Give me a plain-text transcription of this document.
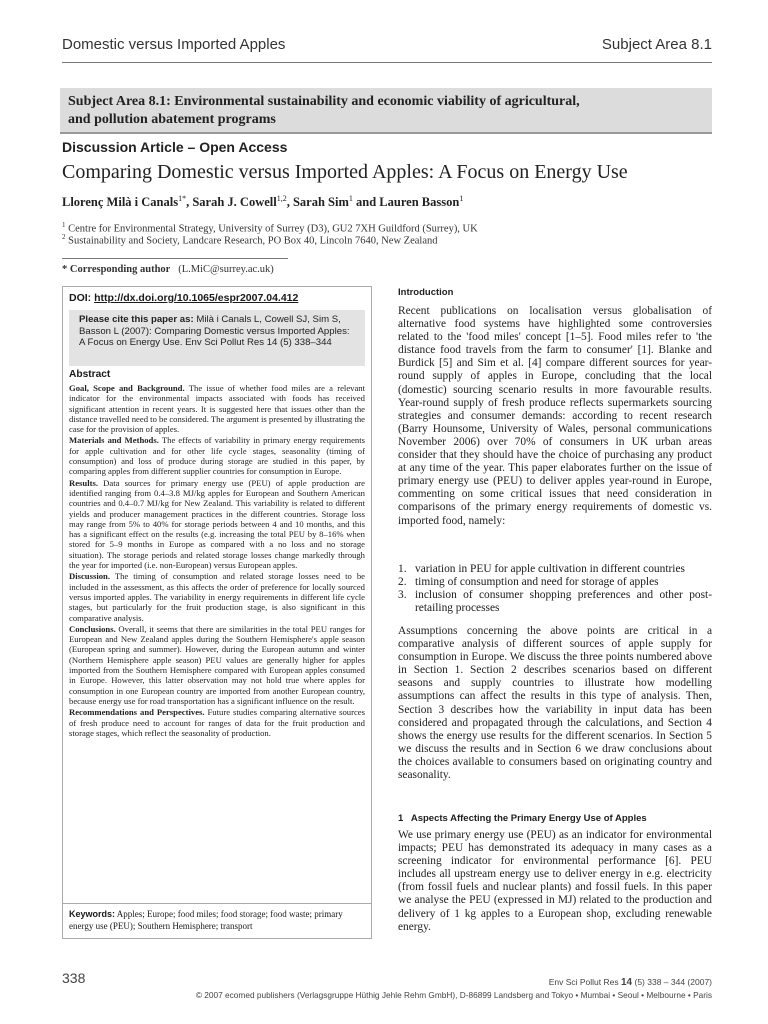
Domestic versus Imported Apples	Subject Area 8.1
Subject Area 8.1: Environmental sustainability and economic viability of agricultural,
and pollution abatement programs
Discussion Article – Open Access
Comparing Domestic versus Imported Apples: A Focus on Energy Use
Llorenç Milà i Canals$^{1*}$, Sarah J. Cowell$^{1,2}$, Sarah Sim$^1$ and Lauren Basson$^1$
$^1$ Centre for Environmental Strategy, University of Surrey (D3), GU2 7XH Guildford (Surrey), UK
$^2$ Sustainability and Society, Landcare Research, PO Box 40, Lincoln 7640, New Zealand
* Corresponding author (L.MiC@surrey.ac.uk)
DOI: http://dx.doi.org/10.1065/espr2007.04.412
Please cite this paper as: Milà i Canals L, Cowell SJ, Sim S, Basson L (2007): Comparing Domestic versus Imported Apples: A Focus on Energy Use. Env Sci Pollut Res 14 (5) 338–344
Abstract

Goal, Scope and Background. The issue of whether food miles are a relevant indicator for the environmental impacts associated with foods has received significant attention in recent years. It is suggested here that issues other than the distance travelled need to be considered. The argument is presented by illustrating the case for the provision of apples.

Materials and Methods. The effects of variability in primary energy requirements for apple cultivation and for other life cycle stages, seasonality (timing of consumption) and loss of produce during storage are studied in this paper, by comparing apples from different supplier countries for consumption in Europe.

Results. Data sources for primary energy use (PEU) of apple production are identified ranging from 0.4–3.8 MJ/kg apples for European and Southern American countries and 0.4–0.7 MJ/kg for New Zealand. This variability is related to different yields and producer management practices in the different countries. Storage loss may range from 5% to 40% for storage periods between 4 and 10 months, and this has a significant effect on the results (e.g. increasing the total PEU by 8–16% when stored for 5–9 months in Europe as compared with a no loss and no storage situation). The storage periods and related storage losses change markedly through the year for imported (i.e. non-European) versus European apples.

Discussion. The timing of consumption and related storage losses need to be included in the assessment, as this affects the order of preference for locally sourced versus imported apples. The variability in energy requirements in different life cycle stages, but particularly for the fruit production stage, is also significant in this comparative analysis.

Conclusions. Overall, it seems that there are similarities in the total PEU ranges for European and New Zealand apples during the Southern Hemisphere's apple season (European spring and summer). However, during the European autumn and winter (Northern Hemisphere apple season) PEU values are generally higher for apples imported from the Southern Hemisphere compared with European apples consumed in Europe. However, this latter observation may not hold true where apples for consumption in one European country are imported from another European country, because energy use for road transportation has a significant influence on the result.

Recommendations and Perspectives. Future studies comparing alternative sources of fresh produce need to account for ranges of data for the fruit production and storage stages, which reflect the seasonality of production.

Keywords: Apples; Europe; food miles; food storage; food waste; primary energy use (PEU); Southern Hemisphere; transport
Introduction
Recent publications on localisation versus globalisation of alternative food systems have highlighted some controversies related to the 'food miles' concept [1–5]. Food miles refer to 'the distance food travels from the farm to consumer' [1]. Blanke and Burdick [5] and Sim et al. [4] compare different sources for year-round supply of apples in Europe, concluding that the local (domestic) sourcing scenario results in more favourable results. Year-round supply of fresh produce reflects supermarkets sourcing strategies and consumer demands: according to recent research (Barry Hounsome, University of Wales, personal communications November 2006) over 70% of consumers in UK urban areas consider that they should have the choice of purchasing any product at any time of the year. This paper elaborates further on the issue of primary energy use (PEU) to deliver apples year-round in Europe, commenting on some critical issues that need consideration in comparisons of the primary energy requirements of domestic vs. imported food, namely:
1. variation in PEU for apple cultivation in different countries
2. timing of consumption and need for storage of apples
3. inclusion of consumer shopping preferences and other post-retailing processes
Assumptions concerning the above points are critical in a comparative analysis of different sources of apple supply for consumption in Europe. We discuss the three points numbered above in Section 1. Section 2 describes scenarios based on different seasons and supply countries to illustrate how modelling assumptions can affect the results in this type of analysis. Then, Section 3 describes how the variability in input data has been considered and propagated through the calculations, and Section 4 shows the energy use results for the different scenarios. In Section 5 we discuss the results and in Section 6 we draw conclusions about the choices available to consumers based on originating country and seasonality.
1   Aspects Affecting the Primary Energy Use of Apples
We use primary energy use (PEU) as an indicator for environmental impacts; PEU has demonstrated its adequacy in many cases as a screening indicator for environmental performance [6]. PEU includes all upstream energy use to deliver energy in e.g. electricity (from fossil fuels and nuclear plants) and fossil fuels. In this paper we analyse the PEU (expressed in MJ) related to the production and delivery of 1 kg apples to a European shop, excluding renewable energy.
338	Env Sci Pollut Res 14 (5) 338 – 344 (2007)
© 2007 ecomed publishers (Verlagsgruppe Hüthig Jehle Rehm GmbH), D-86899 Landsberg and Tokyo • Mumbai • Seoul • Melbourne • Paris
